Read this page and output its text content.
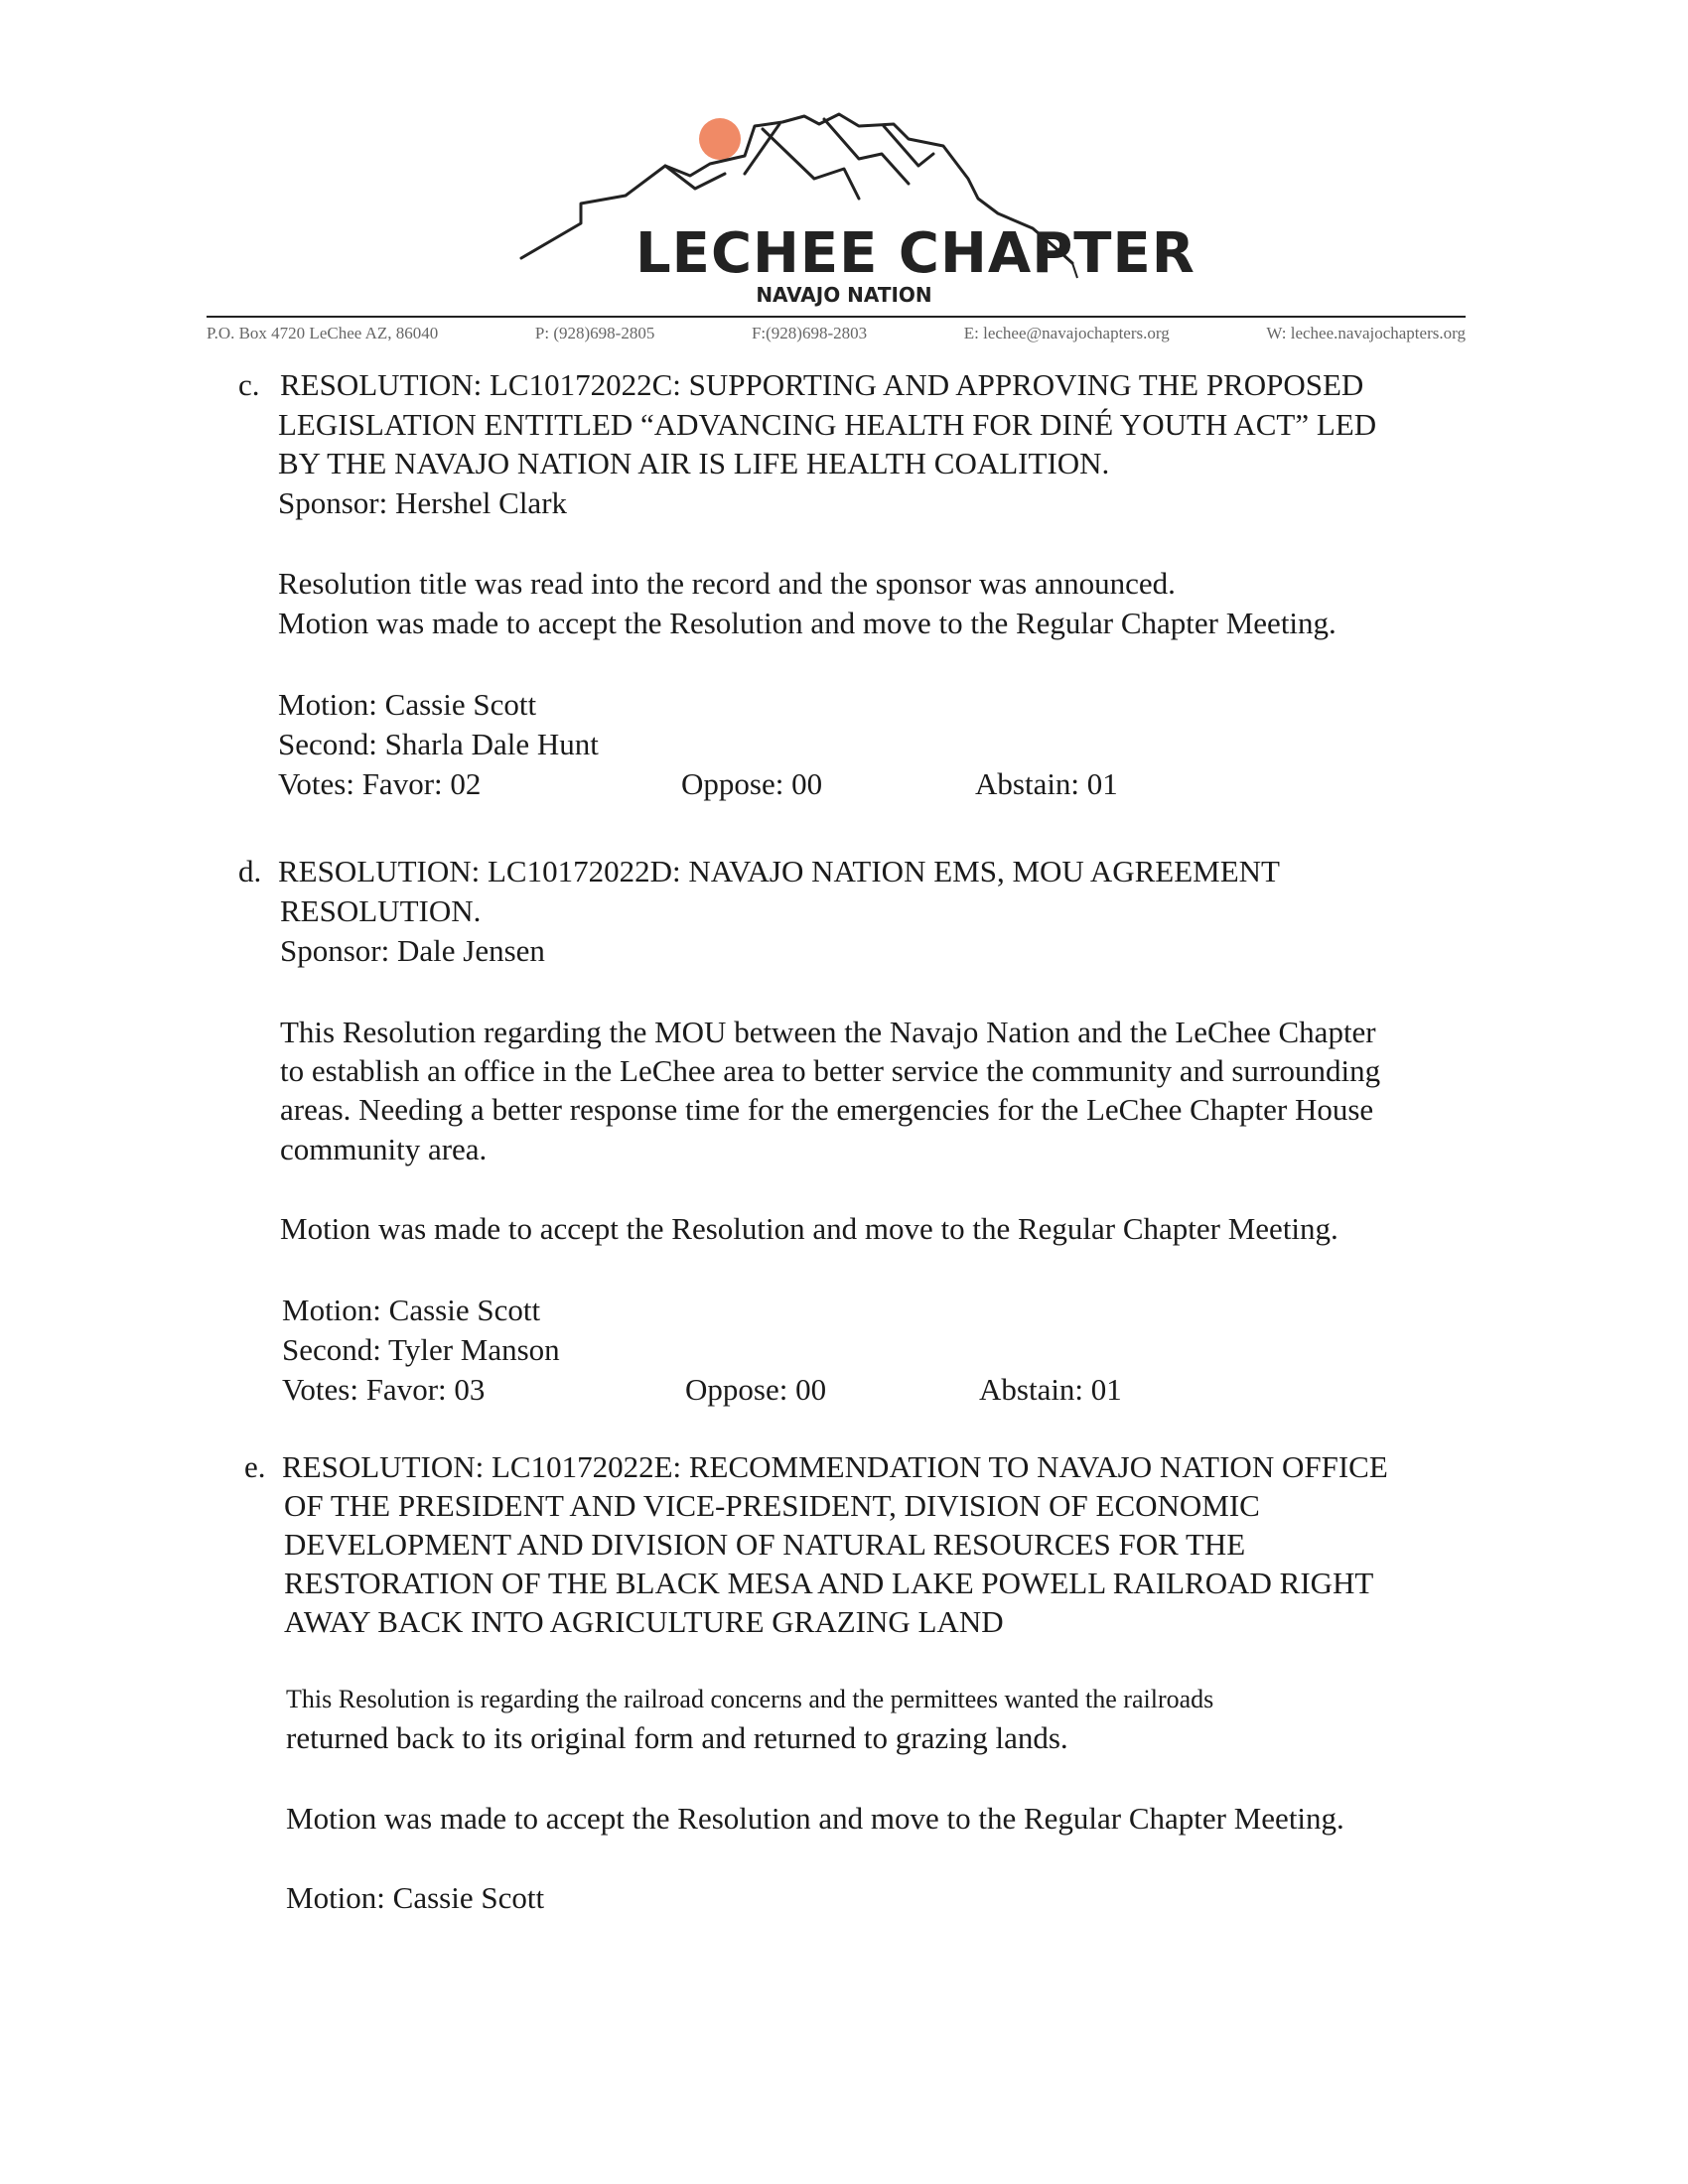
LECHEE CHAPTER
NAVAJO NATION
P.O. Box 4720 LeChee AZ, 86040	P: (928)698-2805	F:(928)698-2803	E: lechee@navajochapters.org	W: lechee.navajochapters.org
c. RESOLUTION: LC10172022C: SUPPORTING AND APPROVING THE PROPOSED
LEGISLATION ENTITLED “ADVANCING HEALTH FOR DINÉ YOUTH ACT” LED
BY THE NAVAJO NATION AIR IS LIFE HEALTH COALITION.
Sponsor: Hershel Clark
Resolution title was read into the record and the sponsor was announced.
Motion was made to accept the Resolution and move to the Regular Chapter Meeting.
Motion: Cassie Scott
Second: Sharla Dale Hunt
Votes: Favor: 02	Oppose: 00	Abstain: 01
d. RESOLUTION: LC10172022D: NAVAJO NATION EMS, MOU AGREEMENT
RESOLUTION.
Sponsor: Dale Jensen
This Resolution regarding the MOU between the Navajo Nation and the LeChee Chapter
to establish an office in the LeChee area to better service the community and surrounding
areas. Needing a better response time for the emergencies for the LeChee Chapter House
community area.
Motion was made to accept the Resolution and move to the Regular Chapter Meeting.
Motion: Cassie Scott
Second: Tyler Manson
Votes: Favor: 03	Oppose: 00	Abstain: 01
e. RESOLUTION: LC10172022E: RECOMMENDATION TO NAVAJO NATION OFFICE
OF THE PRESIDENT AND VICE-PRESIDENT, DIVISION OF ECONOMIC
DEVELOPMENT AND DIVISION OF NATURAL RESOURCES FOR THE
RESTORATION OF THE BLACK MESA AND LAKE POWELL RAILROAD RIGHT
AWAY BACK INTO AGRICULTURE GRAZING LAND
This Resolution is regarding the railroad concerns and the permittees wanted the railroads
returned back to its original form and returned to grazing lands.
Motion was made to accept the Resolution and move to the Regular Chapter Meeting.
Motion: Cassie Scott
